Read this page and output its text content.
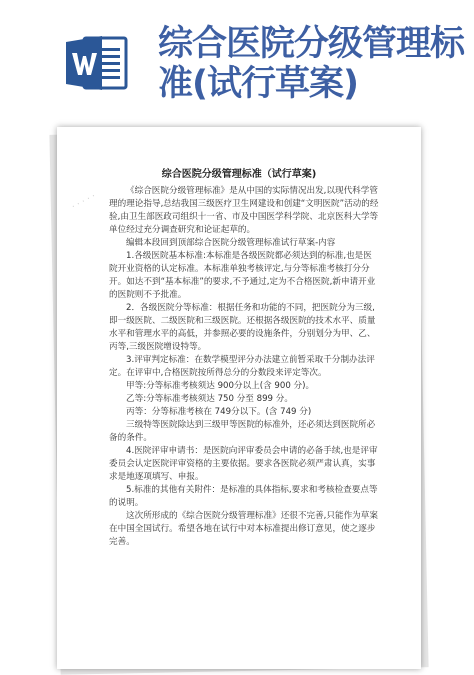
综合医院分级管理标准(试行草案)
· · · · ·
综合医院分级管理标准（试行草案)

《综合医院分级管理标准》是从中国的实际情况出发,以现代科学管理的理论指导,总结我国三级医疗卫生网建设和创建“文明医院”活动的经验,由卫生部医政司组织十一省、市及中国医学科学院、北京医科大学等单位经过充分调查研究和论证起草的。

编辑本段回到顶部综合医院分级管理标准试行草案-内容

1.各级医院基本标准:本标准是各级医院都必须达到的标准,也是医院开业资格的认定标准。本标准单独考核评定,与分等标准考核打分分开。如达不到“基本标准”的要求,不予通过,定为不合格医院,新申请开业的医院则不予批准。

2．各级医院分等标准：根据任务和功能的不同，把医院分为三级,即一级医院、二级医院和三级医院。还根据各级医院的技术水平、质量水平和管理水平的高低，并参照必要的设施条件，分别划分为甲、乙、丙等,三级医院增设特等。

3.评审判定标准：在数学模型评分办法建立前暂采取千分制办法评定。在评审中,合格医院按所得总分的分数段来评定等次。

甲等:分等标准考核须达 900分以上(含 900 分)。

乙等:分等标准考核须达 750 分至 899 分。

丙等：分等标准考核在 749分以下。(含 749 分)

三级特等医院除达到三级甲等医院的标准外，还必须达到医院所必备的条件。

4.医院评审申请书：是医院向评审委员会申请的必备手续,也是评审委员会认定医院评审资格的主要依据。要求各医院必须严肃认真，实事求是地逐项填写、申报。

5.标准的其他有关附件：是标准的具体指标,要求和考核检查要点等的说明。

这次所形成的《综合医院分级管理标准》还很不完善,只能作为草案在中国全国试行。希望各地在试行中对本标准提出修订意见，使之逐步完善。
